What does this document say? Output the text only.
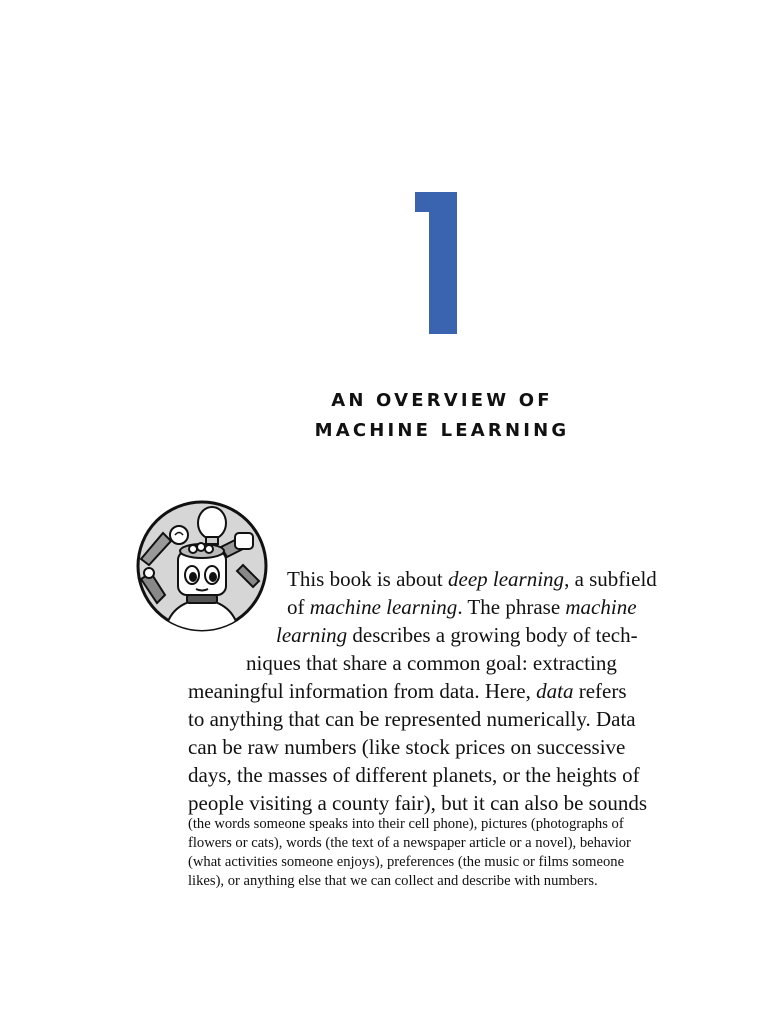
AN OVERVIEW OF
MACHINE LEARNING
This book is about deep learning, a subfield
of machine learning. The phrase machine
learning describes a growing body of tech-
niques that share a common goal: extracting
meaningful information from data. Here, data refers
to anything that can be represented numerically. Data
can be raw numbers (like stock prices on successive
days, the masses of different planets, or the heights of
people visiting a county fair), but it can also be sounds
(the words someone speaks into their cell phone), pictures (photographs of
flowers or cats), words (the text of a newspaper article or a novel), behavior
(what activities someone enjoys), preferences (the music or films someone
likes), or anything else that we can collect and describe with numbers.
